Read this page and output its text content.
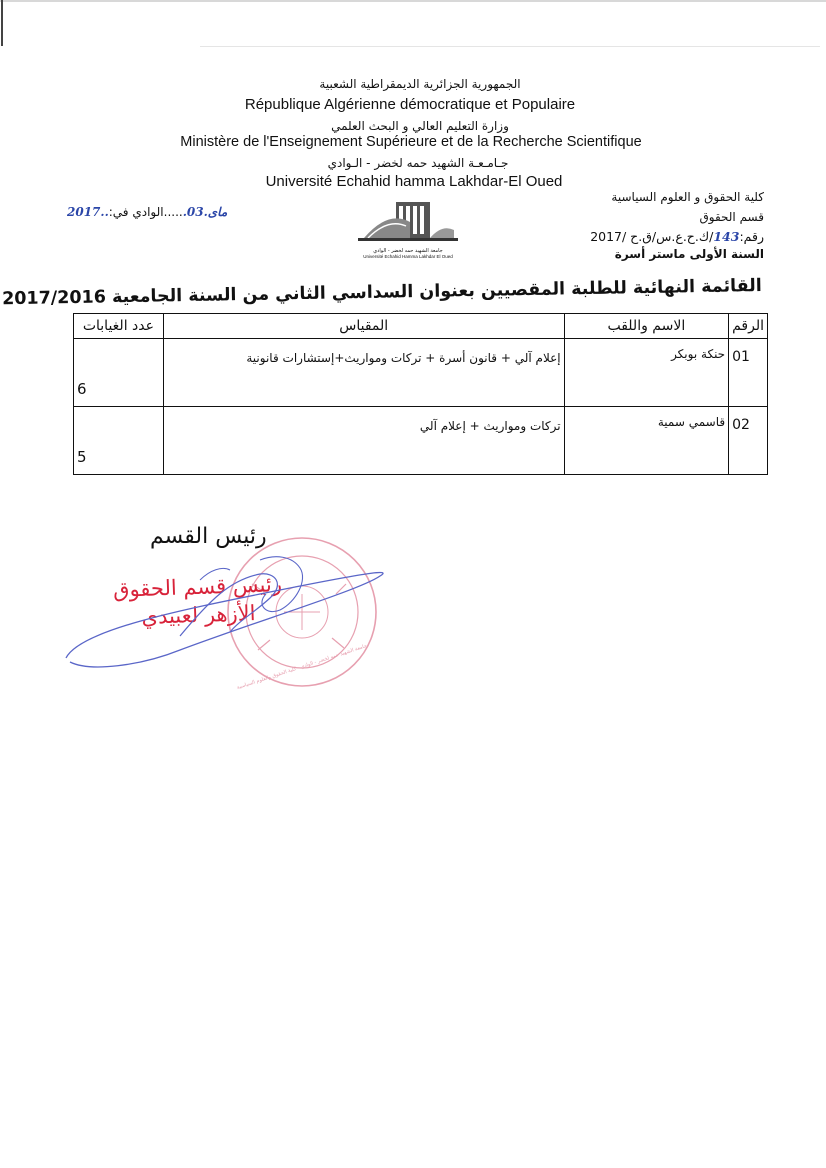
الجمهورية الجزائرية الديمقراطية الشعبية
République Algérienne démocratique et Populaire
وزارة التعليم العالي و البحث العلمي
Ministère de l'Enseignement Supérieure et de la Recherche Scientifique
جـامـعـة الشهيد حمه لخضر - الـوادي
Université Echahid hamma Lakhdar-El Oued
جامعة الشهيد حمه لخضر - الوادي
Université Echahid Hamma Lakhdar El Oued
2017..مای.03......الوادي في:
كلية الحقوق و العلوم السياسية
قسم الحقوق
رقم:143/ك.ح.ع.س/ق.ح /2017
السنة الأولى ماستر أسرة
القائمة النهائية للطلبة المقصيين بعنوان السداسي الثاني من السنة الجامعية 2017/2016
الرقم	الاسم واللقب	المقياس	عدد الغيابات
01	حنكة بوبكر	إعلام آلي + قانون أسرة + تركات ومواريث+إستشارات قانونية	6
02	قاسمي سمية	تركات ومواريث + إعلام آلي	5
رئيس القسم
جامعة الشهيد حمه لخضر - الوادي - كلية الحقوق والعلوم السياسية
رئيس قسم الحقوق
الأزهر لعبيدي
